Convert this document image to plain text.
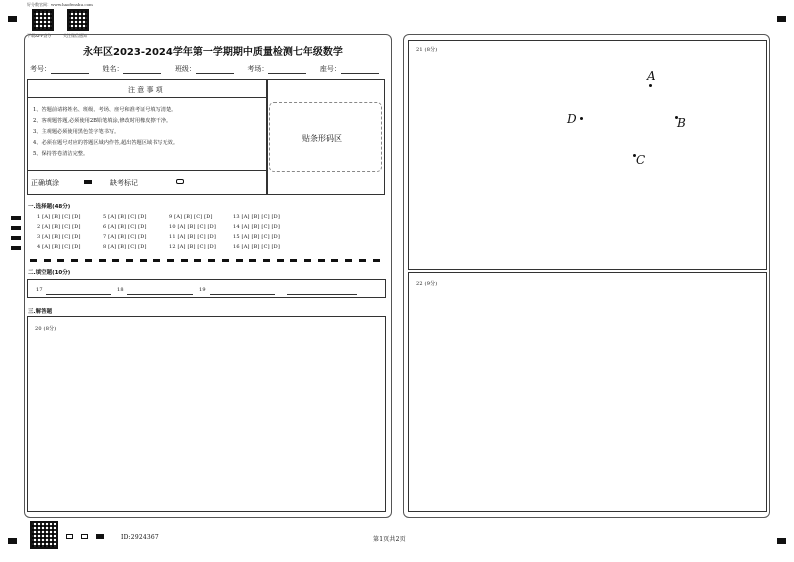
好分数官网：www.haofenshu.com
下载APP查分	关注微信通知
永年区2023-2024学年第一学期期中质量检测七年级数学
考号：	姓名：	班级：	考场：	座号：
注 意 事 项
1、答题前请将姓名、班级、考场、座号和准考证号填写清楚。
2、客观题答题,必须使用2B铅笔填涂,修改时用橡皮擦干净。
3、主观题必须使用黑色签字笔书写。
4、必须在题号对应的答题区域内作答,超出答题区域书写无效。
5、保持答卷清洁完整。
正确填涂	缺考标记
贴条形码区
一.选择题(48分)
1 [A] [B] [C] [D]	5 [A] [B] [C] [D]	9 [A] [B] [C] [D]	13 [A] [B] [C] [D]
2 [A] [B] [C] [D]	6 [A] [B] [C] [D]	10 [A] [B] [C] [D]	14 [A] [B] [C] [D]
3 [A] [B] [C] [D]	7 [A] [B] [C] [D]	11 [A] [B] [C] [D]	15 [A] [B] [C] [D]
4 [A] [B] [C] [D]	8 [A] [B] [C] [D]	12 [A] [B] [C] [D]	16 [A] [B] [C] [D]
二.填空题(10分)
17	18	19
三.解答题
20 (8分)
21 (8分)
A
B
C
D
22 (9分)
ID:2924367	第1页共2页
